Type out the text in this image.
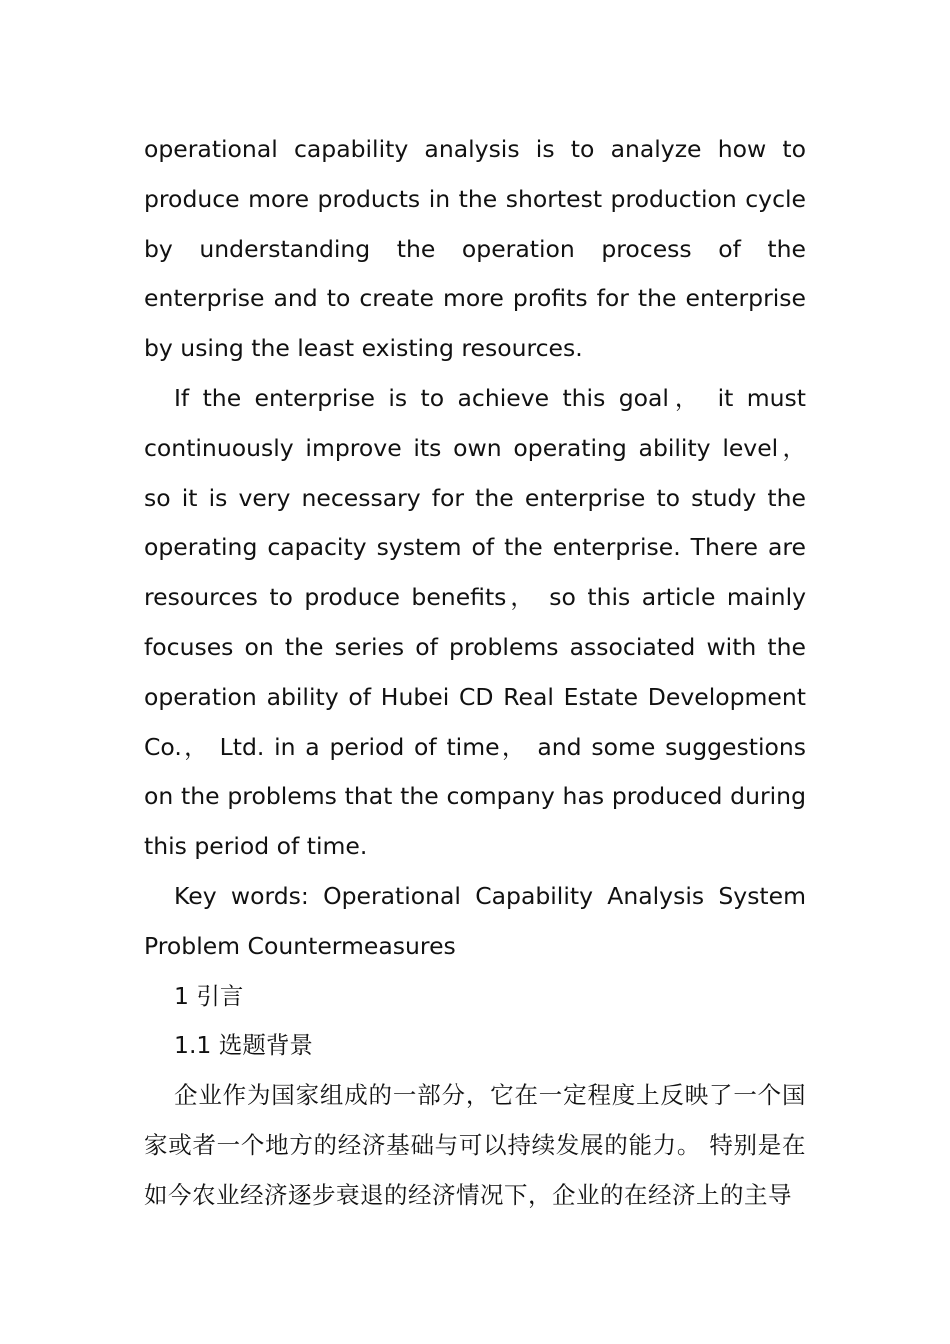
operational capability analysis is to analyze how to produce more products in the shortest production cycle by understanding the operation process of the enterprise and to create more profits for the enterprise by using the least existing resources.

If the enterprise is to achieve this goal， it must continuously improve its own operating ability level， so it is very necessary for the enterprise to study the operating capacity system of the enterprise. There are resources to produce benefits， so this article mainly focuses on the series of problems associated with the operation ability of Hubei CD Real Estate Development Co.， Ltd. in a period of time， and some suggestions on the problems that the company has produced during this period of time.

Key words: Operational Capability Analysis System Problem Countermeasures

1 引言

1.1 选题背景

企业作为国家组成的一部分，它在一定程度上反映了一个国家或者一个地方的经济基础与可以持续发展的能力。 特别是在如今农业经济逐步衰退的经济情况下，企业的在经济上的主导
